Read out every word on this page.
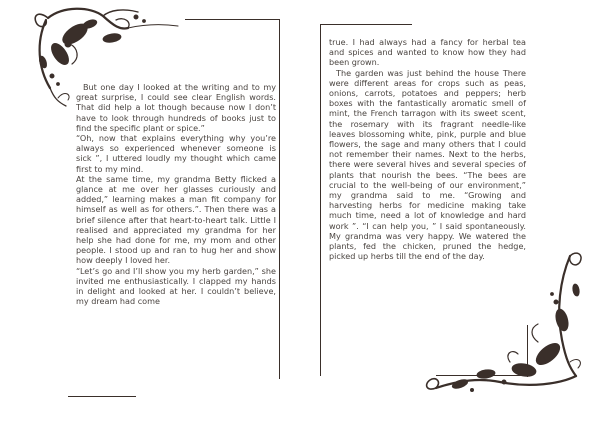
But one day I looked at the writing and to my great surprise, I could see clear English words. That did help a lot though because now I don’t have to look through hundreds of books just to find the specific plant or spice.”

“Oh, now that explains everything why you’re always so experienced whenever someone is sick ”, I uttered loudly my thought which came first to my mind.

At the same time, my grandma Betty flicked a glance at me over her glasses curiously and added,” learning makes a man fit company for himself as well as for others.”. Then there was a brief silence after that heart-to-heart talk. Little I realised and appreciated my grandma for her help she had done for me, my mom and other people. I stood up and ran to hug her and show how deeply I loved her.

“Let’s go and I’ll show you my herb garden,” she invited me enthusiastically. I clapped my hands in delight and looked at her. I couldn’t believe, my dream had come

true. I had always had a fancy for herbal tea and spices and wanted to know how they had been grown.

The garden was just behind the house There were different areas for crops such as peas, onions, carrots, potatoes and peppers; herb boxes with the fantastically aromatic smell of mint, the French tarragon with its sweet scent, the rosemary with its fragrant needle-like leaves blossoming white, pink, purple and blue flowers, the sage and many others that I could not remember their names. Next to the herbs, there were several hives and several species of plants that nourish the bees. “The bees are crucial to the well-being of our environment,” my grandma said to me. “Growing and harvesting herbs for medicine making take much time, need a lot of knowledge and hard work ”. “I can help you, ” I said spontaneously. My grandma was very happy. We watered the plants, fed the chicken, pruned the hedge, picked up herbs till the end of the day.
